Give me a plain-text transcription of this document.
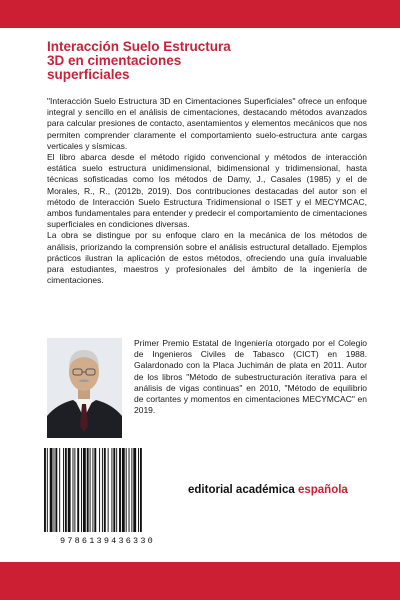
Interacción Suelo Estructura
3D en cimentaciones
superficiales

"Interacción Suelo Estructura 3D en Cimentaciones Superficiales" ofrece un enfoque integral y sencillo en el análisis de cimentaciones, destacando métodos avanzados para calcular presiones de contacto, asentamientos y elementos mecánicos que nos permiten comprender claramente el comportamiento suelo-estructura ante cargas verticales y sísmicas.

El libro abarca desde el método rígido convencional y métodos de interacción estática suelo estructura unidimensional, bidimensional y tridimensional, hasta técnicas sofisticadas como los métodos de Damy, J., Casales (1985) y el de Morales, R., R., (2012b, 2019). Dos contribuciones destacadas del autor son el método de Interacción Suelo Estructura Tridimensional o ISET y el MECYMCAC, ambos fundamentales para entender y predecir el comportamiento de cimentaciones superficiales en condiciones diversas.

La obra se distingue por su enfoque claro en la mecánica de los métodos de análisis, priorizando la comprensión sobre el análisis estructural detallado. Ejemplos prácticos ilustran la aplicación de estos métodos, ofreciendo una guía invaluable para estudiantes, maestros y profesionales del ámbito de la ingeniería de cimentaciones.

Primer Premio Estatal de Ingeniería otorgado por el Colegio de Ingenieros Civiles de Tabasco (CICT) en 1988. Galardonado con la Placa Juchimán de plata en 2011. Autor de los libros "Método de subestructuración iterativa para el análisis de vigas continuas" en 2010, "Método de equilibrio de cortantes y momentos en cimentaciones MECYMCAC" en 2019.
9786139436330
editorial académica española
